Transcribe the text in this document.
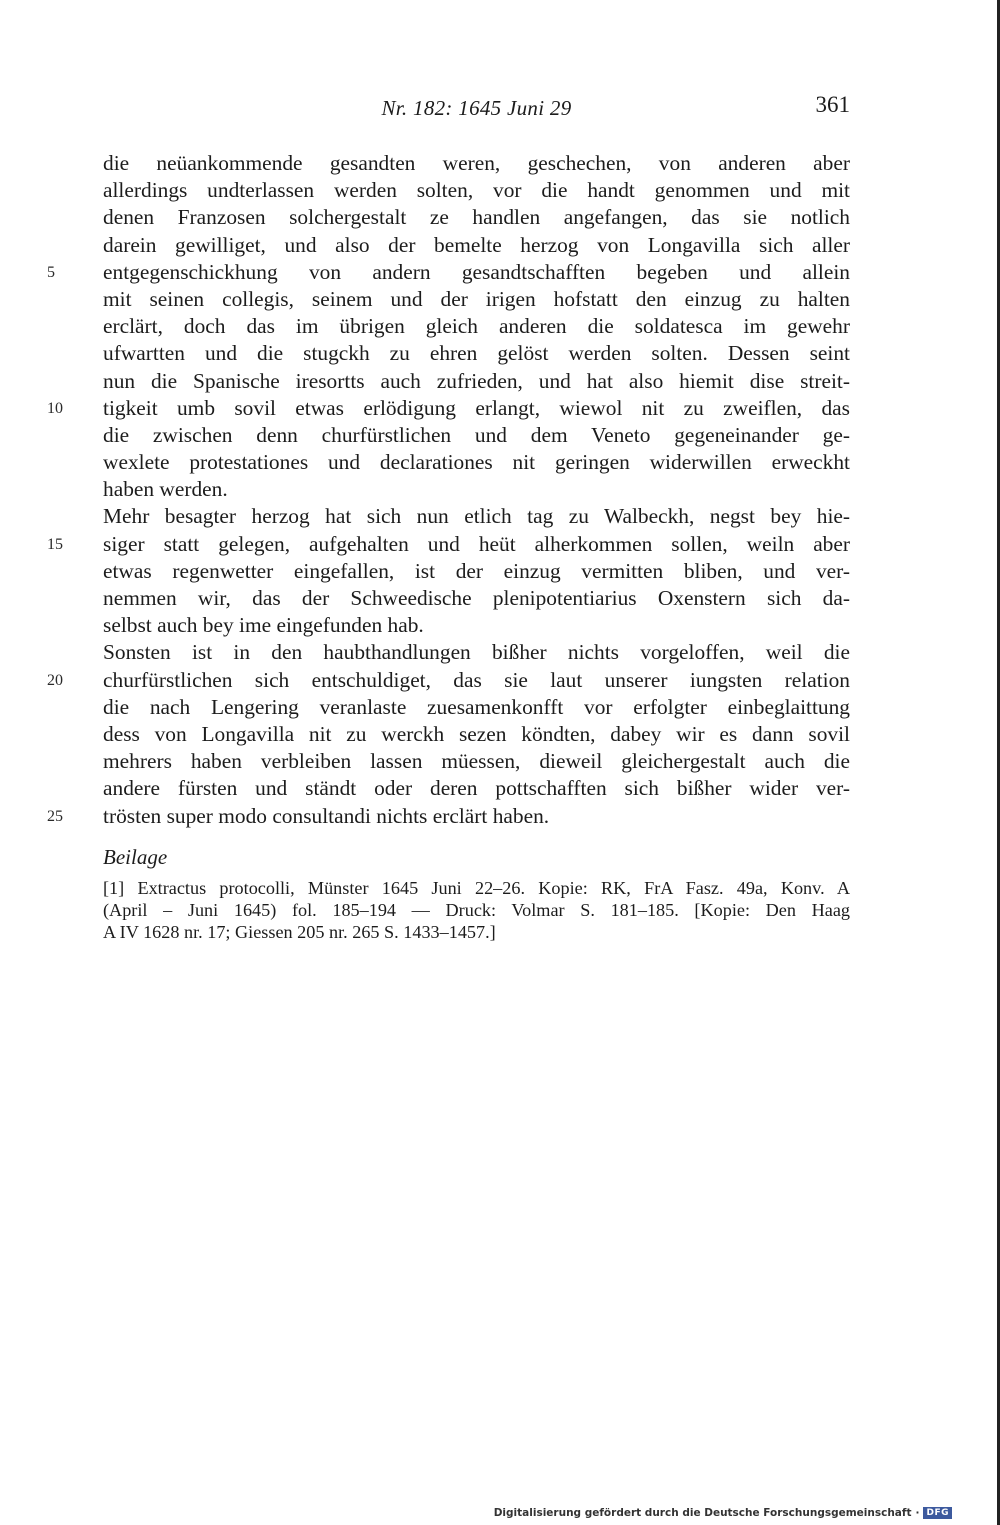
Nr. 182: 1645 Juni 29	361
die neüankommende gesandten weren, geschechen, von anderen aber
allerdings undterlassen werden solten, vor die handt genommen und mit
denen Franzosen solchergestalt ze handlen angefangen, das sie notlich
darein gewilliget, und also der bemelte herzog von Longavilla sich aller
5	entgegenschickhung von andern gesandtschafften begeben und allein
mit seinen collegis, seinem und der irigen hofstatt den einzug zu halten
erclärt, doch das im übrigen gleich anderen die soldatesca im gewehr
ufwartten und die stugckh zu ehren gelöst werden solten. Dessen seint
nun die Spanische iresortts auch zufrieden, und hat also hiemit dise streit-
10	tigkeit umb sovil etwas erlödigung erlangt, wiewol nit zu zweiflen, das
die zwischen denn churfürstlichen und dem Veneto gegeneinander ge-
wexlete protestationes und declarationes nit geringen widerwillen erweckht
haben werden.
Mehr besagter herzog hat sich nun etlich tag zu Walbeckh, negst bey hie-
15	siger statt gelegen, aufgehalten und heüt alherkommen sollen, weiln aber
etwas regenwetter eingefallen, ist der einzug vermitten bliben, und ver-
nemmen wir, das der Schweedische plenipotentiarius Oxenstern sich da-
selbst auch bey ime eingefunden hab.
Sonsten ist in den haubthandlungen bißher nichts vorgeloffen, weil die
20	churfürstlichen sich entschuldiget, das sie laut unserer iungsten relation
die nach Lengering veranlaste zuesamenkonfft vor erfolgter einbeglaittung
dess von Longavilla nit zu werckh sezen köndten, dabey wir es dann sovil
mehrers haben verbleiben lassen müessen, dieweil gleichergestalt auch die
andere fürsten und ständt oder deren pottschafften sich bißher wider ver-
25	trösten super modo consultandi nichts erclärt haben.
Beilage
[1] Extractus protocolli, Münster 1645 Juni 22–26. Kopie: RK, FrA Fasz. 49a, Konv. A
(April – Juni 1645) fol. 185–194 — Druck: Volmar S. 181–185. [Kopie: Den Haag
A IV 1628 nr. 17; Giessen 205 nr. 265 S. 1433–1457.]
Digitalisierung gefördert durch die Deutsche Forschungsgemeinschaft · DFG
